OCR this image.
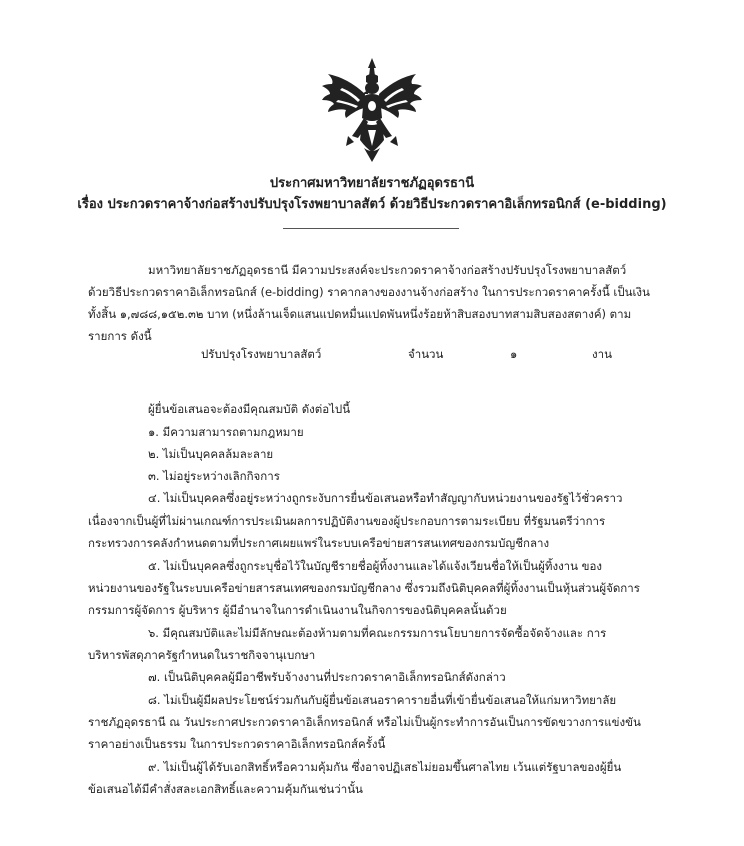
ประกาศมหาวิทยาลัยราชภัฏอุดรธานี
เรื่อง ประกวดราคาจ้างก่อสร้างปรับปรุงโรงพยาบาลสัตว์ ด้วยวิธีประกวดราคาอิเล็กทรอนิกส์ (e-bidding)
มหาวิทยาลัยราชภัฏอุดรธานี มีความประสงค์จะประกวดราคาจ้างก่อสร้างปรับปรุงโรงพยาบาลสัตว์
ด้วยวิธีประกวดราคาอิเล็กทรอนิกส์ (e-bidding) ราคากลางของงานจ้างก่อสร้าง ในการประกวดราคาครั้งนี้ เป็นเงิน
ทั้งสิ้น ๑,๗๘๘,๑๕๒.๓๒ บาท (หนึ่งล้านเจ็ดแสนแปดหมื่นแปดพันหนึ่งร้อยห้าสิบสองบาทสามสิบสองสตางค์) ตาม
รายการ ดังนี้
ปรับปรุงโรงพยาบาลสัตว์	จำนวน	๑	งาน
ผู้ยื่นข้อเสนอจะต้องมีคุณสมบัติ ดังต่อไปนี้
๑. มีความสามารถตามกฎหมาย
๒. ไม่เป็นบุคคลล้มละลาย
๓. ไม่อยู่ระหว่างเลิกกิจการ
๔. ไม่เป็นบุคคลซึ่งอยู่ระหว่างถูกระงับการยื่นข้อเสนอหรือทำสัญญากับหน่วยงานของรัฐไว้ชั่วคราว
เนื่องจากเป็นผู้ที่ไม่ผ่านเกณฑ์การประเมินผลการปฏิบัติงานของผู้ประกอบการตามระเบียบ ที่รัฐมนตรีว่าการ
กระทรวงการคลังกำหนดตามที่ประกาศเผยแพร่ในระบบเครือข่ายสารสนเทศของกรมบัญชีกลาง
๕. ไม่เป็นบุคคลซึ่งถูกระบุชื่อไว้ในบัญชีรายชื่อผู้ทิ้งงานและได้แจ้งเวียนชื่อให้เป็นผู้ทิ้งงาน ของ
หน่วยงานของรัฐในระบบเครือข่ายสารสนเทศของกรมบัญชีกลาง ซึ่งรวมถึงนิติบุคคลที่ผู้ทิ้งงานเป็นหุ้นส่วนผู้จัดการ
กรรมการผู้จัดการ ผู้บริหาร ผู้มีอำนาจในการดำเนินงานในกิจการของนิติบุคคลนั้นด้วย
๖. มีคุณสมบัติและไม่มีลักษณะต้องห้ามตามที่คณะกรรมการนโยบายการจัดซื้อจัดจ้างและ การ
บริหารพัสดุภาครัฐกำหนดในราชกิจจานุเบกษา
๗. เป็นนิติบุคคลผู้มีอาชีพรับจ้างงานที่ประกวดราคาอิเล็กทรอนิกส์ดังกล่าว
๘. ไม่เป็นผู้มีผลประโยชน์ร่วมกันกับผู้ยื่นข้อเสนอราคารายอื่นที่เข้ายื่นข้อเสนอให้แก่มหาวิทยาลัย
ราชภัฏอุดรธานี ณ วันประกาศประกวดราคาอิเล็กทรอนิกส์ หรือไม่เป็นผู้กระทำการอันเป็นการขัดขวางการแข่งขัน
ราคาอย่างเป็นธรรม ในการประกวดราคาอิเล็กทรอนิกส์ครั้งนี้
๙. ไม่เป็นผู้ได้รับเอกสิทธิ์หรือความคุ้มกัน ซึ่งอาจปฏิเสธไม่ยอมขึ้นศาลไทย เว้นแต่รัฐบาลของผู้ยื่น
ข้อเสนอได้มีคำสั่งสละเอกสิทธิ์และความคุ้มกันเช่นว่านั้น
